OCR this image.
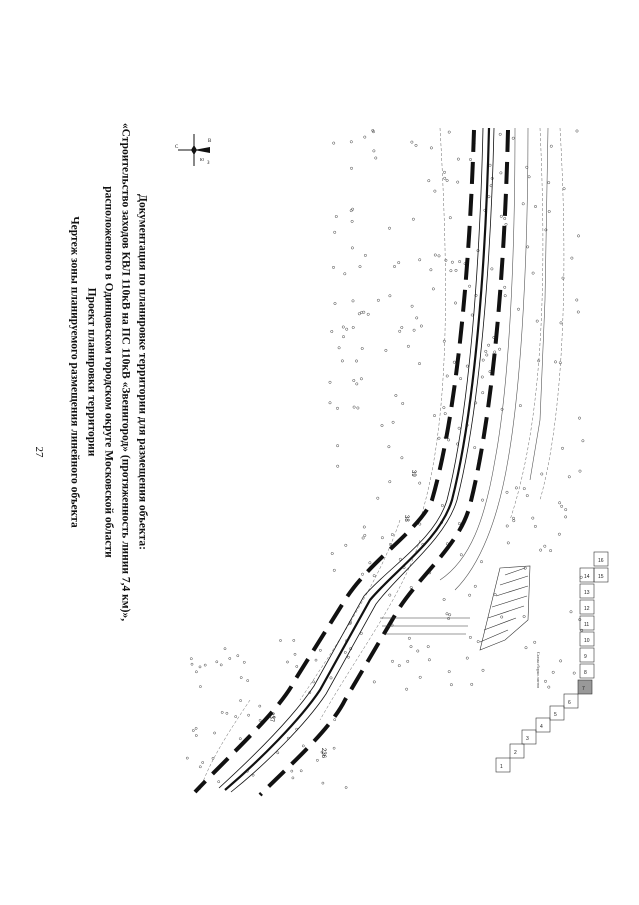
27	Документация по планировке территории для размещения объекта:
«Строительство заходов КВЛ 110кВ на ПС 110кВ «Звенигород» (протяженность линии 7,4 км)»,
расположенного в Одинцовском городском округе Московской области
Проект планировки территории
Чертеж зоны планируемого размещения линейного объекта
В
З
С
Ю
38
39
236
237
Схема сборки листов
1
2
3
4
5
6
7
8
9
10
11
12
13
14 15
16
